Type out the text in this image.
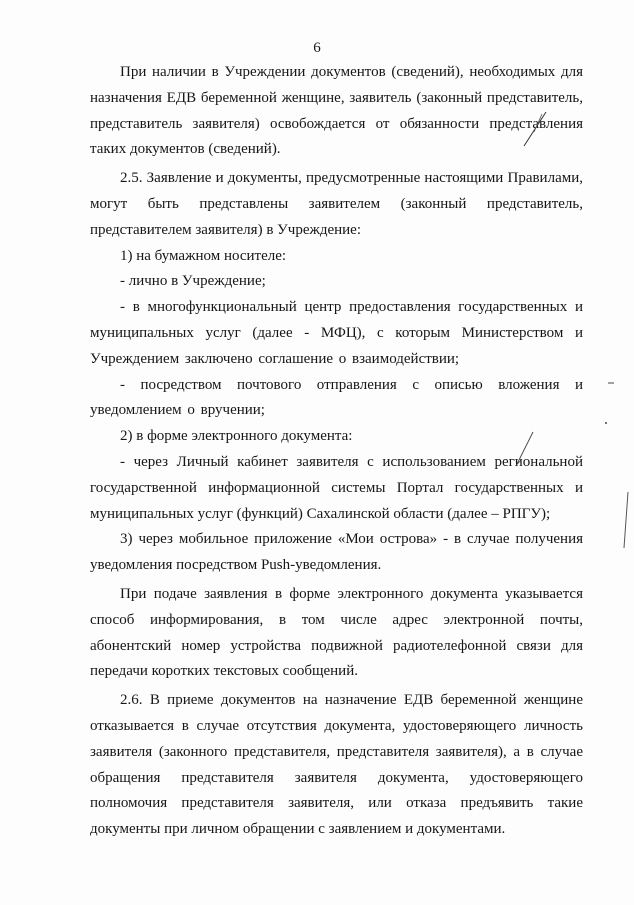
6

При наличии в Учреждении документов (сведений), необходимых для назначения ЕДВ беременной женщине, заявитель (законный представитель, представитель заявителя) освобождается от обязанности представления таких документов (сведений).

2.5. Заявление и документы, предусмотренные настоящими Правилами, могут быть представлены заявителем (законный представитель, представителем заявителя) в Учреждение:

1) на бумажном носителе:

- лично в Учреждение;

- в многофункциональный центр предоставления государственных и муниципальных услуг (далее - МФЦ), с которым Министерством и Учреждением заключено соглашение о взаимодействии;

- посредством почтового отправления с описью вложения и уведомлением о вручении;

2) в форме электронного документа:

- через Личный кабинет заявителя с использованием региональной государственной информационной системы Портал государственных и муниципальных услуг (функций) Сахалинской области (далее – РПГУ);

3) через мобильное приложение «Мои острова» - в случае получения уведомления посредством Push-уведомления.

При подаче заявления в форме электронного документа указывается способ информирования, в том числе адрес электронной почты, абонентский номер устройства подвижной радиотелефонной связи для передачи коротких текстовых сообщений.

2.6. В приеме документов на назначение ЕДВ беременной женщине отказывается в случае отсутствия документа, удостоверяющего личность заявителя (законного представителя, представителя заявителя), а в случае обращения представителя заявителя документа, удостоверяющего полномочия представителя заявителя, или отказа предъявить такие документы при личном обращении с заявлением и документами.
